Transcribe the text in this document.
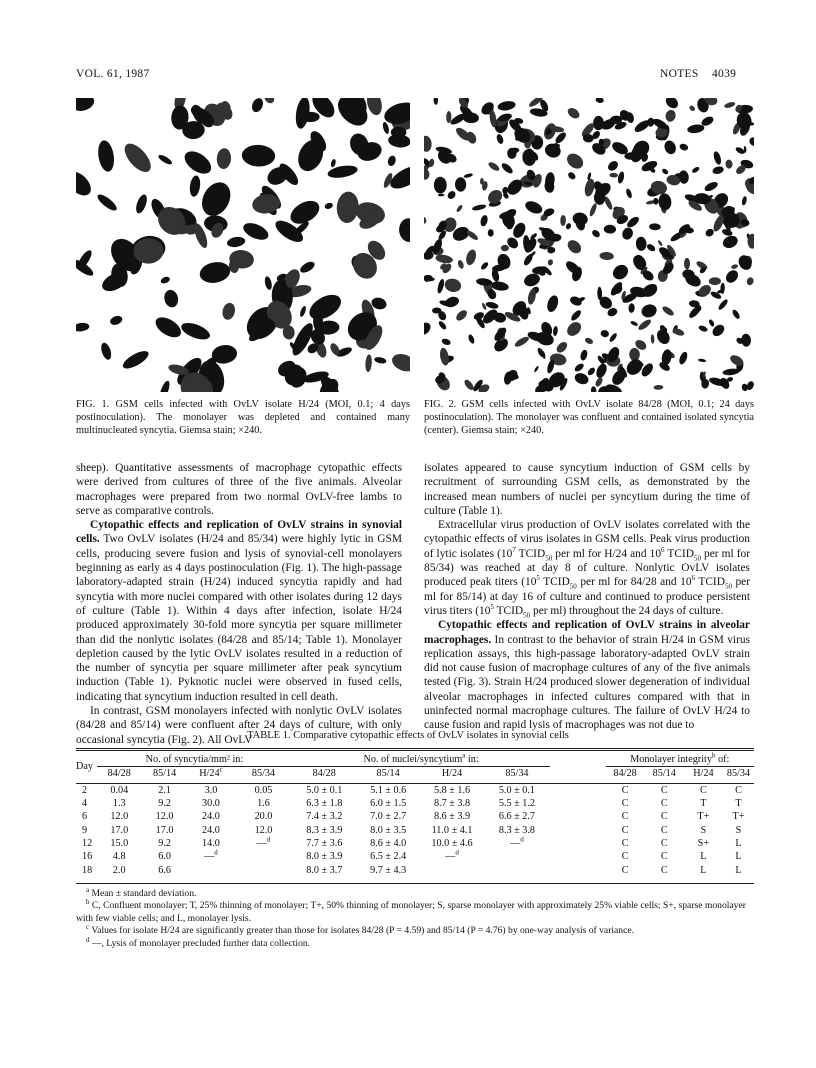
VOL. 61, 1987	NOTES 4039
FIG. 1. GSM cells infected with OvLV isolate H/24 (MOI, 0.1; 4 days postinoculation). The monolayer was depleted and contained many multinucleated syncytia. Giemsa stain; ×240.
FIG. 2. GSM cells infected with OvLV isolate 84/28 (MOI, 0.1; 24 days postinoculation). The monolayer was confluent and contained isolated syncytia (center). Giemsa stain; ×240.

sheep). Quantitative assessments of macrophage cytopathic effects were derived from cultures of three of the five animals. Alveolar macrophages were prepared from two normal OvLV-free lambs to serve as comparative controls.

Cytopathic effects and replication of OvLV strains in synovial cells. Two OvLV isolates (H/24 and 85/34) were highly lytic in GSM cells, producing severe fusion and lysis of synovial-cell monolayers beginning as early as 4 days postinoculation (Fig. 1). The high-passage laboratory-adapted strain (H/24) induced syncytia rapidly and had syncytia with more nuclei compared with other isolates during 12 days of culture (Table 1). Within 4 days after infection, isolate H/24 produced approximately 30-fold more syncytia per square millimeter than did the nonlytic isolates (84/28 and 85/14; Table 1). Monolayer depletion caused by the lytic OvLV isolates resulted in a reduction of the number of syncytia per square millimeter after peak syncytium induction (Table 1). Pyknotic nuclei were observed in fused cells, indicating that syncytium induction resulted in cell death.

In contrast, GSM monolayers infected with nonlytic OvLV isolates (84/28 and 85/14) were confluent after 24 days of culture, with only occasional syncytia (Fig. 2). All OvLV

isolates appeared to cause syncytium induction of GSM cells by recruitment of surrounding GSM cells, as demonstrated by the increased mean numbers of nuclei per syncytium during the time of culture (Table 1).

Extracellular virus production of OvLV isolates correlated with the cytopathic effects of virus isolates in GSM cells. Peak virus production of lytic isolates ($10^7$ $TCID_{50}$ per ml for H/24 and $10^6$ $TCID_{50}$ per ml for 85/34) was reached at day 8 of culture. Nonlytic OvLV isolates produced peak titers ($10^5$ $TCID_{50}$ per ml for 84/28 and $10^6$ $TCID_{50}$ per ml for 85/14) at day 16 of culture and continued to produce persistent virus titers ($10^5$ $TCID_{50}$ per ml) throughout the 24 days of culture.

Cytopathic effects and replication of OvLV strains in alveolar macrophages. In contrast to the behavior of strain H/24 in GSM virus replication assays, this high-passage laboratory-adapted OvLV strain did not cause fusion of macrophage cultures of any of the five animals tested (Fig. 3). Strain H/24 produced slower degeneration of individual alveolar macrophages in infected cultures compared with that in uninfected normal macrophage cultures. The failure of OvLV H/24 to cause fusion and rapid lysis of macrophages was not due to

TABLE 1. Comparative cytopathic effects of OvLV isolates in synovial cells
Day	No. of syncytia/mm² in:				No. of nuclei/syncytium$^a$ in:					Monolayer integrity$^b$ of:			
	84/28	85/14	H/24$^c$	85/34	84/28	85/14	H/24	85/34		84/28	85/14	H/24	85/34
2	0.04	2.1	3.0	0.05	5.0 ± 0.1	5.1 ± 0.6	5.8 ± 1.6	5.0 ± 0.1		C	C	C	C
4	1.3	9.2	30.0	1.6	6.3 ± 1.8	6.0 ± 1.5	8.7 ± 3.8	5.5 ± 1.2		C	C	T	T
6	12.0	12.0	24.0	20.0	7.4 ± 3.2	7.0 ± 2.7	8.6 ± 3.9	6.6 ± 2.7		C	C	T+	T+
9	17.0	17.0	24.0	12.0	8.3 ± 3.9	8.0 ± 3.5	11.0 ± 4.1	8.3 ± 3.8		C	C	S	S
12	15.0	9.2	14.0	—$^d$	7.7 ± 3.6	8.6 ± 4.0	10.0 ± 4.6	—$^d$		C	C	S+	L
16	4.8	6.0	—$^d$		8.0 ± 3.9	6.5 ± 2.4	—$^d$			C	C	L	L
18	2.0	6.6			8.0 ± 3.7	9.7 ± 4.3				C	C	L	L
$^a$ Mean ± standard deviation.
$^b$ C, Confluent monolayer; T, 25% thinning of monolayer; T+, 50% thinning of monolayer; S, sparse monolayer with approximately 25% viable cells; S+, sparse monolayer with few viable cells; and L, monolayer lysis.
$^c$ Values for isolate H/24 are significantly greater than those for isolates 84/28 (P = 4.59) and 85/14 (P = 4.76) by one-way analysis of variance.
$^d$ —, Lysis of monolayer precluded further data collection.
